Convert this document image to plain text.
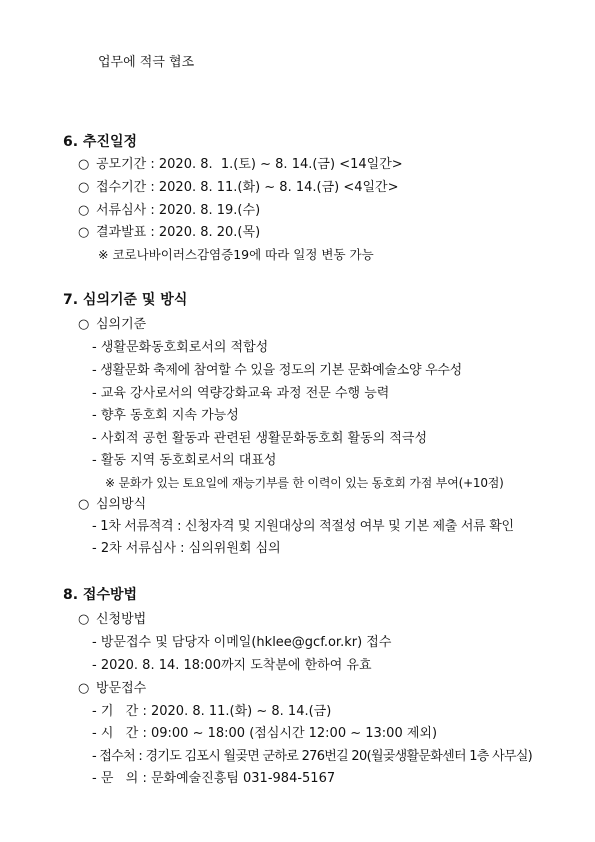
업무에 적극 협조
6. 추진일정
○ 공모기간 : 2020. 8.  1.(토) ~ 8. 14.(금) <14일간>
○ 접수기간 : 2020. 8. 11.(화) ~ 8. 14.(금) <4일간>
○ 서류심사 : 2020. 8. 19.(수)
○ 결과발표 : 2020. 8. 20.(목)
※ 코로나바이러스감염증19에 따라 일정 변동 가능
7. 심의기준 및 방식
○ 심의기준
- 생활문화동호회로서의 적합성
- 생활문화 축제에 참여할 수 있을 정도의 기본 문화예술소양 우수성
- 교육 강사로서의 역량강화교육 과정 전문 수행 능력
- 향후 동호회 지속 가능성
- 사회적 공헌 활동과 관련된 생활문화동호회 활동의 적극성
- 활동 지역 동호회로서의 대표성
※ 문화가 있는 토요일에 재능기부를 한 이력이 있는 동호회 가점 부여(+10점)
○ 심의방식
- 1차 서류적격 : 신청자격 및 지원대상의 적절성 여부 및 기본 제출 서류 확인
- 2차 서류심사 : 심의위원회 심의
8. 접수방법
○ 신청방법
- 방문접수 및 담당자 이메일(hklee@gcf.or.kr) 접수
- 2020. 8. 14. 18:00까지 도착분에 한하여 유효
○ 방문접수
- 기   간 : 2020. 8. 11.(화) ~ 8. 14.(금)
- 시   간 : 09:00 ~ 18:00 (점심시간 12:00 ~ 13:00 제외)
- 접수처 : 경기도 김포시 월곶면 군하로 276번길 20(월곶생활문화센터 1층 사무실)
- 문   의 : 문화예술진흥팀 031-984-5167
